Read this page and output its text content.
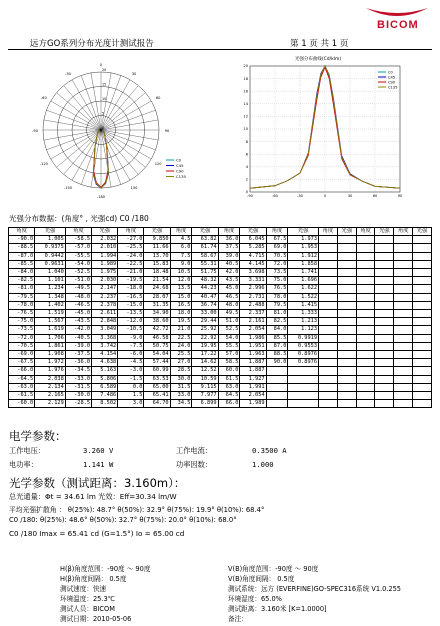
BICOM
远方GO系列分布光度计测试报告	第 1 页 共 1 页
-180
-150
-120
-90
-60
-30
0
30
60
90
120
150
0
5
10
15
20
C0
C45
C90
C135
光强分布曲线(Cd/klm)
20
18
16
14
12
10
8
6
4
2
0
-90	-60	-30	0	30	60	90
C0
C45
C90
C135
光强分布数据：(角度° , 光强cd) C0 /180
角度	光强	角度	光强	角度	光强	角度	光强	角度	光强	角度	光强	角度	光强	角度	光强	角度	光强
-90.0	1.005	-58.5	2.032	-27.0	9.850	4.5	63.82	36.0	6.045	67.5	1.973						
-88.5	0.9375	-57.0	2.010	-25.5	11.66	6.0	61.74	37.5	5.285	69.0	1.953						
-87.0	0.9442	-55.5	1.994	-24.0	13.70	7.5	58.67	39.0	4.715	70.5	1.912						
-85.5	0.9631	-54.0	1.989	-22.5	15.83	9.0	55.31	40.5	4.145	72.0	1.858						
-84.0	1.040	-52.5	1.975	-21.0	18.48	10.5	51.75	42.0	3.698	73.5	1.741						
-82.5	1.101	-51.0	2.030	-19.5	21.54	12.0	48.32	43.5	3.331	75.0	1.696						
-81.0	1.234	-49.5	2.147	-18.0	24.68	13.5	44.23	45.0	2.996	76.5	1.622						
-79.5	1.348	-48.0	2.237	-16.5	28.07	15.0	40.47	46.5	2.731	78.0	1.522						
-78.0	1.402	-46.5	2.378	-15.0	31.35	16.5	36.74	48.0	2.488	79.5	1.415						
-76.5	1.519	-45.0	2.611	-13.5	34.90	18.0	33.00	49.5	2.337	81.0	1.333						
-75.0	1.567	-43.5	2.848	-12.0	38.60	19.5	29.44	51.0	2.161	82.5	1.213						
-73.5	1.619	-42.0	3.049	-10.5	42.72	21.0	25.92	52.5	2.054	84.0	1.123						
-72.0	1.706	-40.5	3.368	-9.0	46.58	22.5	22.92	54.0	1.986	85.5	0.9919						
-70.5	1.861	-39.0	3.742	-7.5	50.75	24.0	19.95	55.5	1.951	87.0	0.9553						
-69.0	1.908	-37.5	4.154	-6.0	54.04	25.5	17.22	57.0	1.963	88.5	0.8976						
-67.5	1.972	-36.0	4.638	-4.5	57.44	27.0	14.62	58.5	1.887	90.0	0.8976						
-66.0	1.976	-34.5	5.163	-3.0	60.99	28.5	12.52	60.0	1.887								
-64.5	2.038	-33.0	5.806	-1.5	63.53	30.0	10.59	61.5	1.927								
-63.0	2.134	-31.5	6.589	0.0	65.00	31.5	9.115	63.0	1.991								
-61.5	2.165	-30.0	7.486	1.5	65.41	33.0	7.977	64.5	2.054								
-60.0	2.129	-28.5	8.502	3.0	64.70	34.5	6.899	66.0	1.989								
电学参数：
工作电压：	3.260 V	工作电流：	0.3500 A
电功率：	1.141 W	功率因数：	1.000
光学参数（测试距离：3.160m）：
总光通量：Φt = 34.61 lm 光效：Eff=30.34 lm/W
平均光强扩散角 ： θ(25%): 48.7° θ(50%): 32.9° θ(75%): 19.9° θ(10%): 68.4°
C0 /180: θ(25%): 48.6° θ(50%): 32.7° θ(75%): 20.0° θ(10%): 68.0°
C0 /180 Imax = 65.41 cd (G=1.5°) Io = 65.00 cd
H(β)角度范围：-90度 ～ 90度
H(β)角度间隔： 0.5度
测试速度：快速
环境温度：25.3℃
测试人员：BICOM
测试日期：2010-05-06
V(B)角度范围：-90度 ～ 90度
V(B)角度间隔： 0.5度
测试系统：远方 (EVERFINE)GO-SPEC316系统 V1.0.255
环境湿度：65.0%
测试距离：3.160米 [K=1.0000]
备注：
